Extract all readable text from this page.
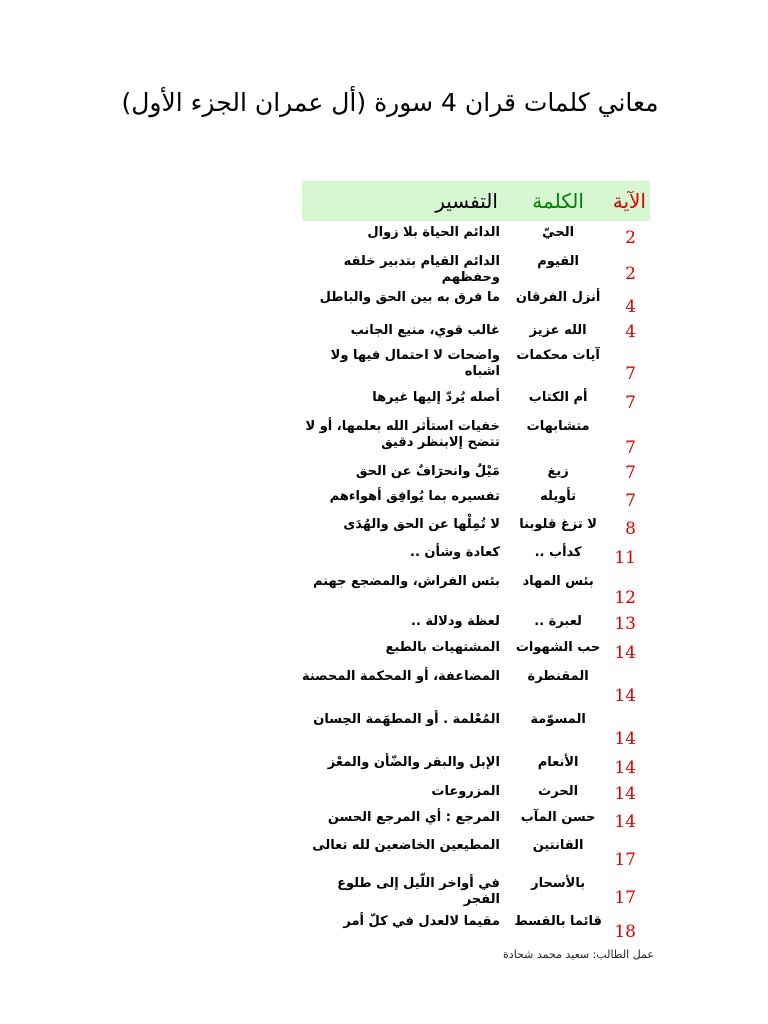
معاني كلمات قران 4 سورة (أل عمران الجزء الأول)
الآية	الكلمة	التفسير
2	الحيّ	الدائم الحياة بلا زوال
2	القيوم	الدائم القيام بتدبير خلقه وحفظهم
4	أنزل الفرقان	ما فرق به بين الحق والباطل
4	الله عزيز	غالب قوي، منيع الجانب
7	آيات محكمات	واضحات لا احتمال فيها ولا اشباه
7	أم الكتاب	أصله يُردّ إليها غيرها
7	متشابهات	خفيات استأثر الله بعلمها، أو لا تتضح إلابنظر دقيق
7	زيغ	مَيْلٌ وانحرَافٌ عن الحق
7	تأويله	تفسيره بما يُوافِق أهواءهم
8	لا تزغ قلوبنا	لا تُمِلْها عن الحق والهُدَى
11	كدأب ..	كعادة وشأن ..
12	بئس المهاد	بئس الفراش، والمضجع جهنم
13	لعبرة ..	لعظة ودلالة ..
14	حب الشهوات	المشتهيات بالطبع
14	المقنطرة	المضاعفة، أو المحكمة المحصنة
14	المسوّمة	المُعْلمة . أو المطهَمة الحِسان
14	الأنعام	الإبل والبقر والضّأن والمعْز
14	الحرث	المزروعات
14	حسن المآب	المرجع : أي المرجع الحسن
17	القانتين	المطيعين الخاضعين لله تعالى
17	بالأسحار	في أواخر اللّيل إلى طلوع الفجر
18	قائما بالقسط	مقيما لالعدل في كلّ أمر
عمل الطالب: سعيد محمد شحادة
